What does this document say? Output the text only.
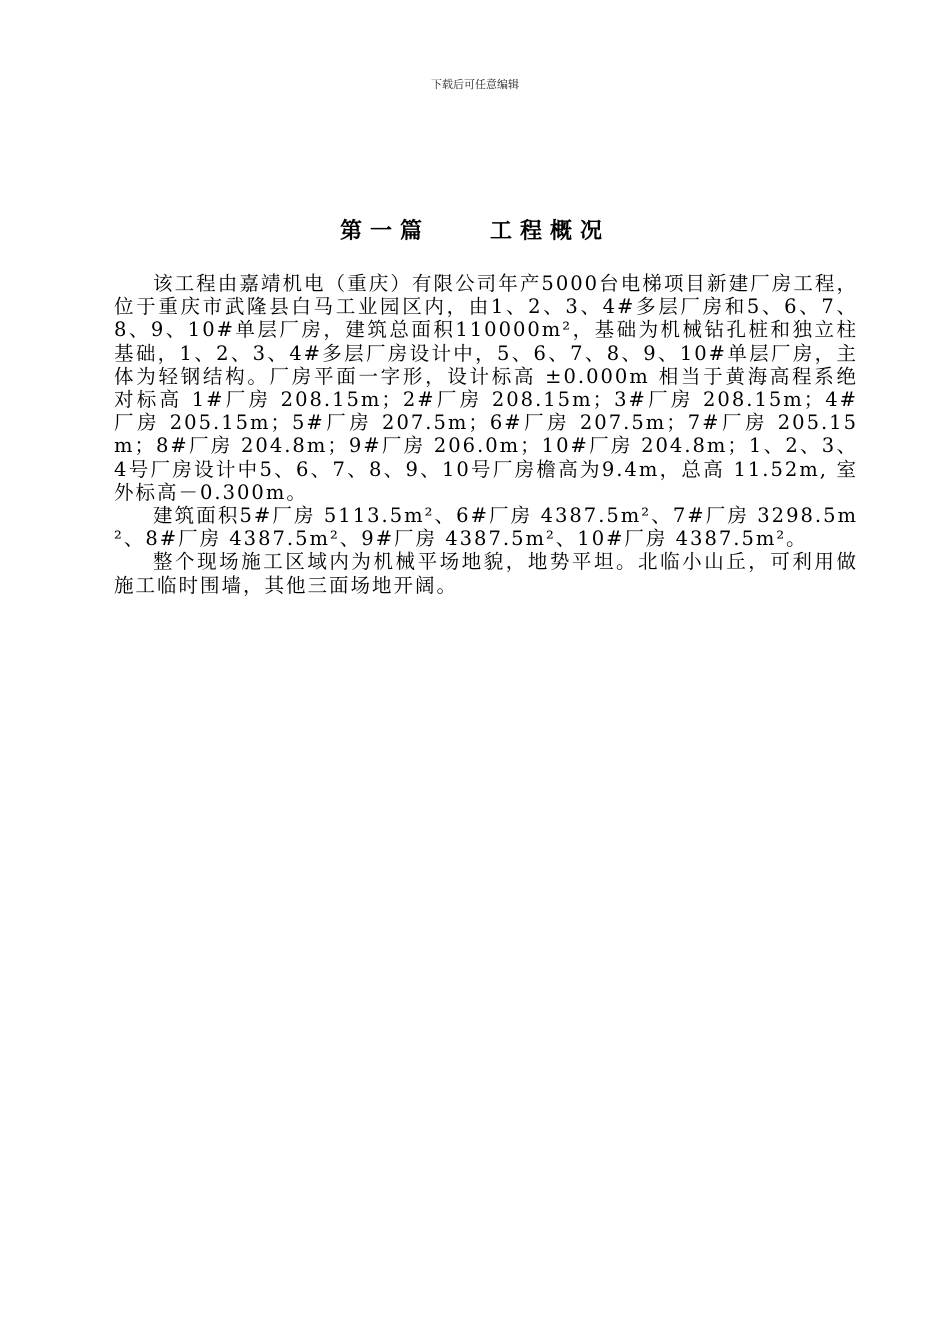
下载后可任意编辑
第一篇	工程概况

该工程由嘉靖机电（重庆）有限公司年产5000台电梯项目新建厂房工程，位于重庆市武隆县白马工业园区内，由1、2、3、4#多层厂房和5、6、7、8、9、10#单层厂房，建筑总面积110000m²，基础为机械钻孔桩和独立柱基础，1、2、3、4#多层厂房设计中，5、6、7、8、9、10#单层厂房，主体为轻钢结构。厂房平面一字形，设计标高 ±0.000m 相当于黄海高程系绝对标高 1#厂房 208.15m；2#厂房 208.15m；3#厂房 208.15m；4#厂房 205.15m；5#厂房 207.5m；6#厂房 207.5m；7#厂房 205.15m；8#厂房 204.8m；9#厂房 206.0m；10#厂房 204.8m；1、2、3、4号厂房设计中5、6、7、8、9、10号厂房檐高为9.4m，总高 11.52m, 室外标高－0.300m。

建筑面积5#厂房 5113.5m²、6#厂房 4387.5m²、7#厂房 3298.5m²、8#厂房 4387.5m²、9#厂房 4387.5m²、10#厂房 4387.5m²。

整个现场施工区域内为机械平场地貌，地势平坦。北临小山丘，可利用做施工临时围墙，其他三面场地开阔。
